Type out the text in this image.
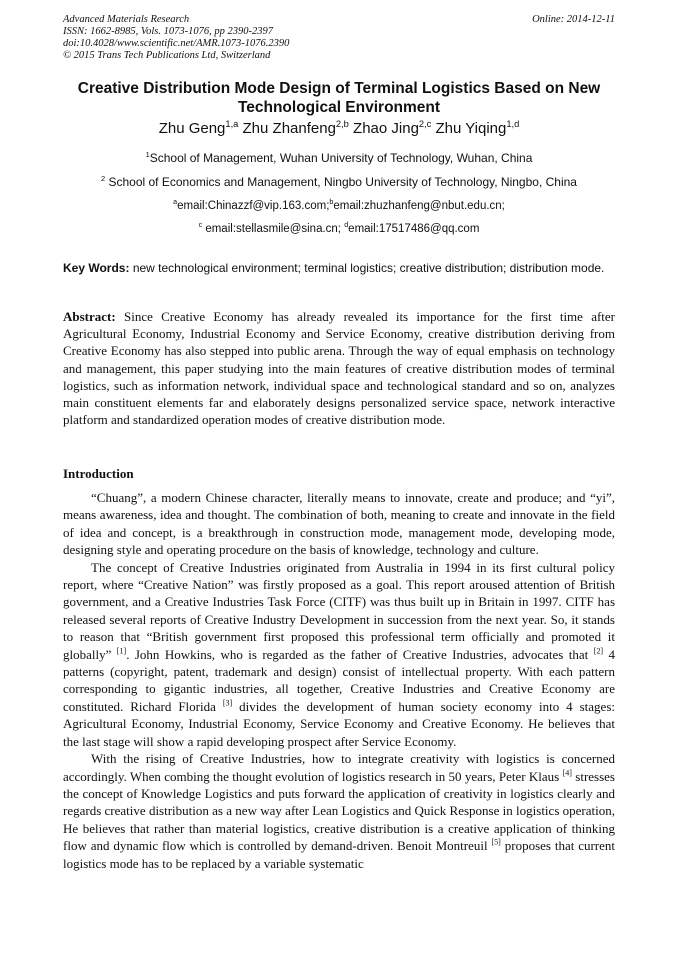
Advanced Materials Research
ISSN: 1662-8985, Vols. 1073-1076, pp 2390-2397
doi:10.4028/www.scientific.net/AMR.1073-1076.2390
© 2015 Trans Tech Publications Ltd, Switzerland
Online: 2014-12-11
Creative Distribution Mode Design of Terminal Logistics Based on New Technological Environment
Zhu Geng$^{1,a}$ Zhu Zhanfeng$^{2,b}$ Zhao Jing$^{2,c}$ Zhu Yiqing$^{1,d}$
$^1$School of Management, Wuhan University of Technology, Wuhan, China
$^2$ School of Economics and Management, Ningbo University of Technology, Ningbo, China
$^a$email:Chinazzf@vip.163.com;$^b$email:zhuzhanfeng@nbut.edu.cn;
$^c$ email:stellasmile@sina.cn; $^d$email:17517486@qq.com
Key Words: new technological environment; terminal logistics; creative distribution; distribution mode.
Abstract: Since Creative Economy has already revealed its importance for the first time after Agricultural Economy, Industrial Economy and Service Economy, creative distribution deriving from Creative Economy has also stepped into public arena. Through the way of equal emphasis on technology and management, this paper studying into the main features of creative distribution modes of terminal logistics, such as information network, individual space and technological standard and so on, analyzes main constituent elements far and elaborately designs personalized service space, network interactive platform and standardized operation modes of creative distribution mode.
Introduction

“Chuang”, a modern Chinese character, literally means to innovate, create and produce; and “yi”, means awareness, idea and thought. The combination of both, meaning to create and innovate in the field of idea and concept, is a breakthrough in construction mode, management mode, developing mode, designing style and operating procedure on the basis of knowledge, technology and culture.

The concept of Creative Industries originated from Australia in 1994 in its first cultural policy report, where “Creative Nation” was firstly proposed as a goal. This report aroused attention of British government, and a Creative Industries Task Force (CITF) was thus built up in Britain in 1997. CITF has released several reports of Creative Industry Development in succession from the next year. So, it stands to reason that “British government first proposed this professional term officially and promoted it globally” [1]. John Howkins, who is regarded as the father of Creative Industries, advocates that [2] 4 patterns (copyright, patent, trademark and design) consist of intellectual property. With each pattern corresponding to gigantic industries, all together, Creative Industries and Creative Economy are constituted. Richard Florida [3] divides the development of human society economy into 4 stages: Agricultural Economy, Industrial Economy, Service Economy and Creative Economy. He believes that the last stage will show a rapid developing prospect after Service Economy.

With the rising of Creative Industries, how to integrate creativity with logistics is concerned accordingly. When combing the thought evolution of logistics research in 50 years, Peter Klaus [4] stresses the concept of Knowledge Logistics and puts forward the application of creativity in logistics clearly and regards creative distribution as a new way after Lean Logistics and Quick Response in logistics operation, He believes that rather than material logistics, creative distribution is a creative application of thinking flow and dynamic flow which is controlled by demand-driven. Benoit Montreuil [5] proposes that current logistics mode has to be replaced by a variable systematic
